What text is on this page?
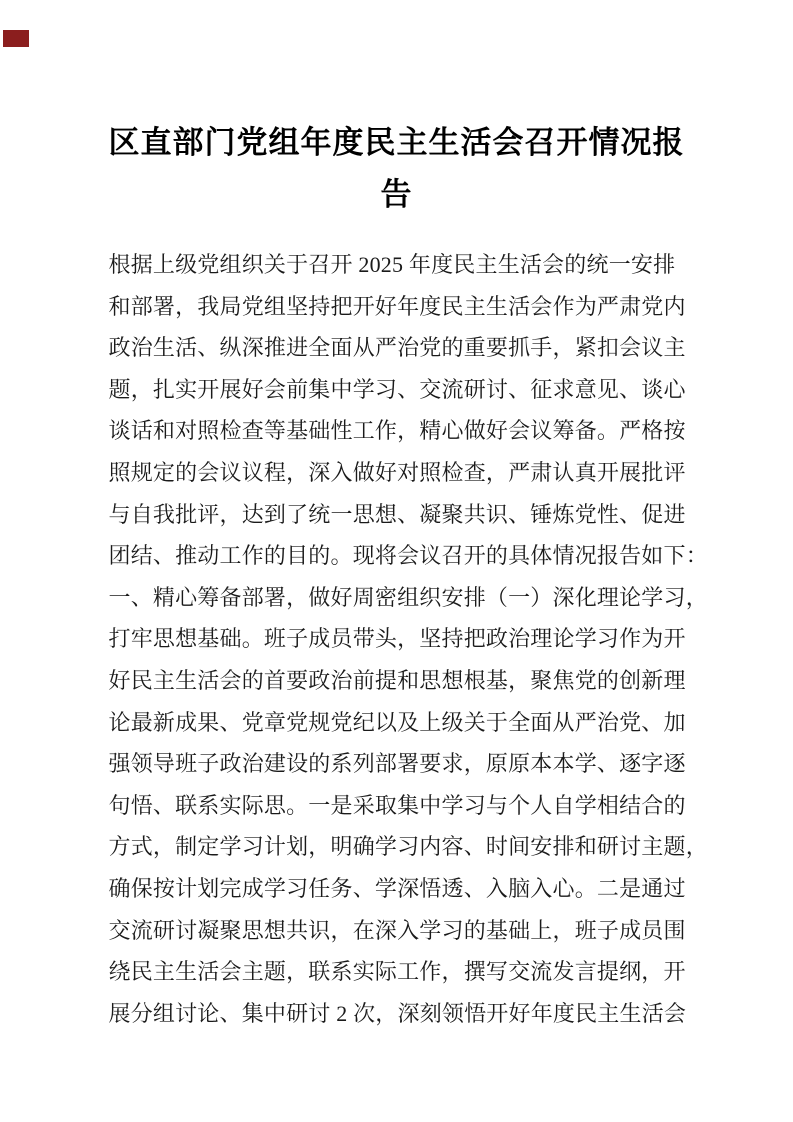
区直部门党组年度民主生活会召开情况报
告
根据上级党组织关于召开 2025 年度民主生活会的统一安排
和部署，我局党组坚持把开好年度民主生活会作为严肃党内
政治生活、纵深推进全面从严治党的重要抓手，紧扣会议主
题，扎实开展好会前集中学习、交流研讨、征求意见、谈心
谈话和对照检查等基础性工作，精心做好会议筹备。严格按
照规定的会议议程，深入做好对照检查，严肃认真开展批评
与自我批评，达到了统一思想、凝聚共识、锤炼党性、促进
团结、推动工作的目的。现将会议召开的具体情况报告如下：
一、精心筹备部署，做好周密组织安排（一）深化理论学习，
打牢思想基础。班子成员带头，坚持把政治理论学习作为开
好民主生活会的首要政治前提和思想根基，聚焦党的创新理
论最新成果、党章党规党纪以及上级关于全面从严治党、加
强领导班子政治建设的系列部署要求，原原本本学、逐字逐
句悟、联系实际思。一是采取集中学习与个人自学相结合的
方式，制定学习计划，明确学习内容、时间安排和研讨主题，
确保按计划完成学习任务、学深悟透、入脑入心。二是通过
交流研讨凝聚思想共识，在深入学习的基础上，班子成员围
绕民主生活会主题，联系实际工作，撰写交流发言提纲，开
展分组讨论、集中研讨 2 次，深刻领悟开好年度民主生活会
